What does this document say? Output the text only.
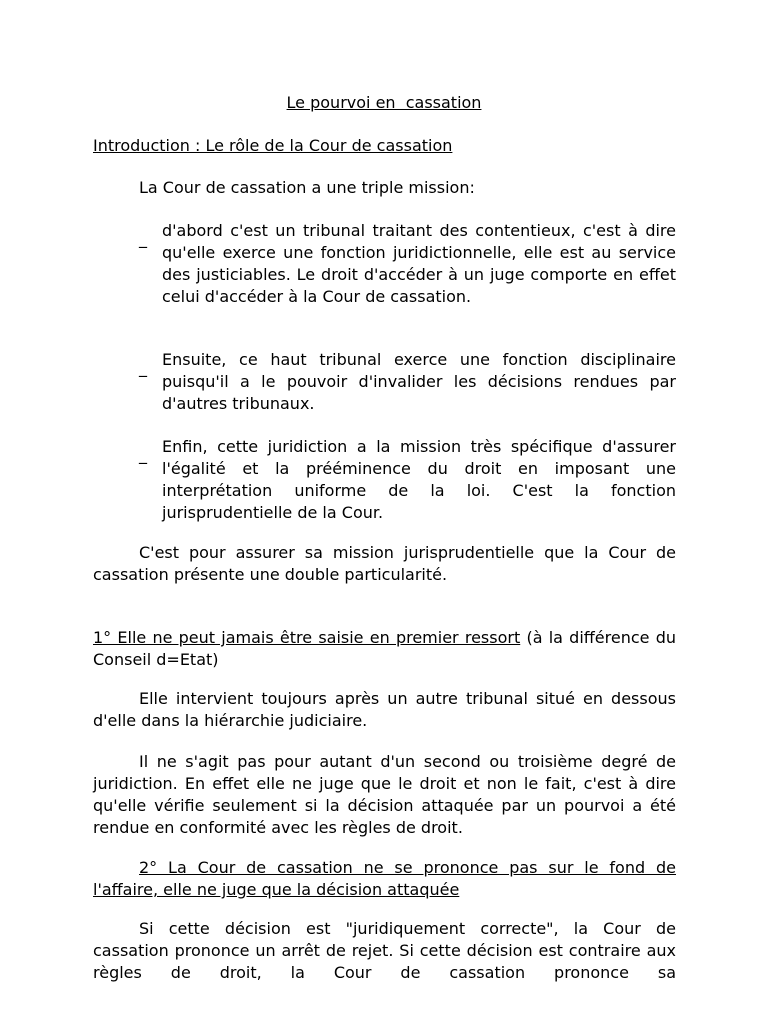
Le pourvoi en  cassation
Introduction : Le rôle de la Cour de cassation
La Cour de cassation a une triple mission:
_ d'abord c'est un tribunal traitant des contentieux, c'est à dire qu'elle exerce une fonction juridictionnelle, elle est au service des justiciables. Le droit d'accéder à un juge comporte en effet celui d'accéder à la Cour de cassation.
_ Ensuite, ce haut tribunal exerce une fonction disciplinaire puisqu'il a le pouvoir d'invalider les décisions rendues par d'autres tribunaux.
_ Enfin, cette juridiction a la mission très spécifique d'assurer l'égalité et la prééminence du droit en imposant une interprétation uniforme de la loi. C'est la fonction jurisprudentielle de la Cour.
C'est pour assurer sa mission jurisprudentielle que la Cour de cassation présente une double particularité.
1° Elle ne peut jamais être saisie en premier ressort (à la différence du Conseil d=Etat)
Elle intervient toujours après un autre tribunal situé en dessous d'elle dans la hiérarchie judiciaire.
Il ne s'agit pas pour autant d'un second ou troisième degré de juridiction. En effet elle ne juge que le droit et non le fait, c'est à dire qu'elle vérifie seulement si la décision attaquée par un pourvoi a été rendue en conformité avec les règles de droit.
2° La Cour de cassation ne se prononce pas sur le fond de l'affaire, elle ne juge que la décision attaquée
Si cette décision est "juridiquement correcte", la Cour de cassation prononce un arrêt de rejet. Si cette décision est contraire aux règles de droit, la Cour de cassation prononce sa
